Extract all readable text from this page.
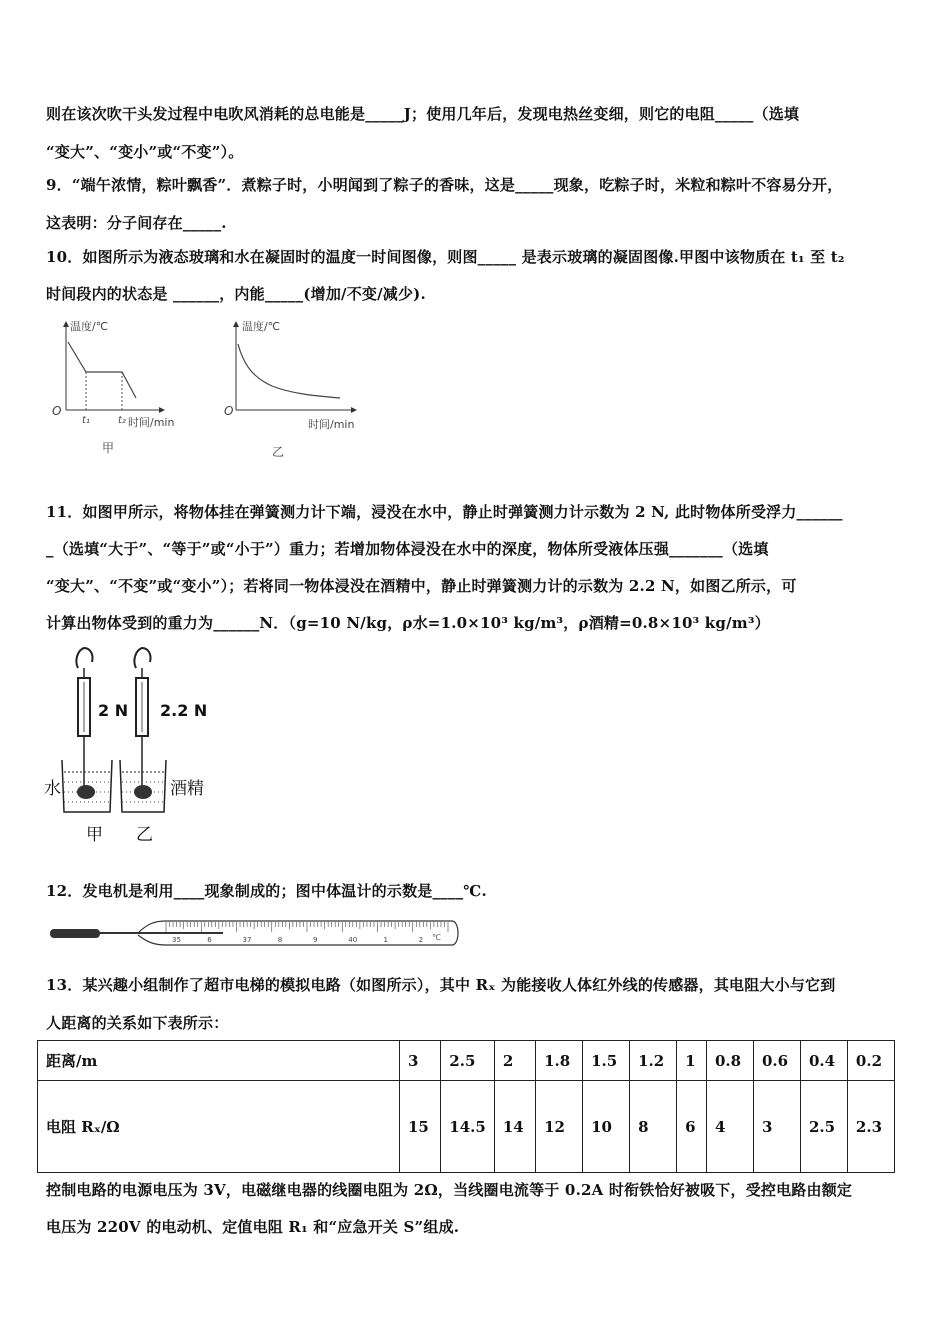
则在该次吹干头发过程中电吹风消耗的总电能是_____J；使用几年后，发现电热丝变细，则它的电阻_____（选填
“变大”、“变小”或“不变”）。
9．“端午浓情，粽叶飘香”．煮粽子时，小明闻到了粽子的香味，这是_____现象，吃粽子时，米粒和粽叶不容易分开，
这表明：分子间存在_____.
10．如图所示为液态玻璃和水在凝固时的温度一时间图像，则图_____ 是表示玻璃的凝固图像.甲图中该物质在 t₁ 至 t₂
时间段内的状态是 ______，内能_____(增加/不变/减少).
温度/℃
时间/min
O
t₁	t₂
甲
温度/℃
时间/min
O
乙
11．如图甲所示，将物体挂在弹簧测力计下端，浸没在水中，静止时弹簧测力计示数为 2 N, 此时物体所受浮力______
_（选填“大于”、“等于”或“小于”）重力；若增加物体浸没在水中的深度，物体所受液体压强_______（选填
“变大”、“不变”或“变小”）；若将同一物体浸没在酒精中，静止时弹簧测力计的示数为 2.2 N，如图乙所示，可
计算出物体受到的重力为______N．（g=10 N/kg，ρ水=1.0×10³ kg/m³，ρ酒精=0.8×10³ kg/m³）
2 N
水
甲
2.2 N
酒精
乙
12．发电机是利用____现象制成的；图中体温计的示数是____℃.
35	6	37	8	9	40	1	2 ℃
13．某兴趣小组制作了超市电梯的模拟电路（如图所示），其中 Rₓ 为能接收人体红外线的传感器，其电阻大小与它到
人距离的关系如下表所示：
距离/m	3	2.5	2	1.8	1.5	1.2	1	0.8	0.6	0.4	0.2
电阻 Rₓ/Ω	15	14.5	14	12	10	8	6	4	3	2.5	2.3
控制电路的电源电压为 3V，电磁继电器的线圈电阻为 2Ω，当线圈电流等于 0.2A 时衔铁恰好被吸下，受控电路由额定
电压为 220V 的电动机、定值电阻 R₁ 和“应急开关 S”组成.
